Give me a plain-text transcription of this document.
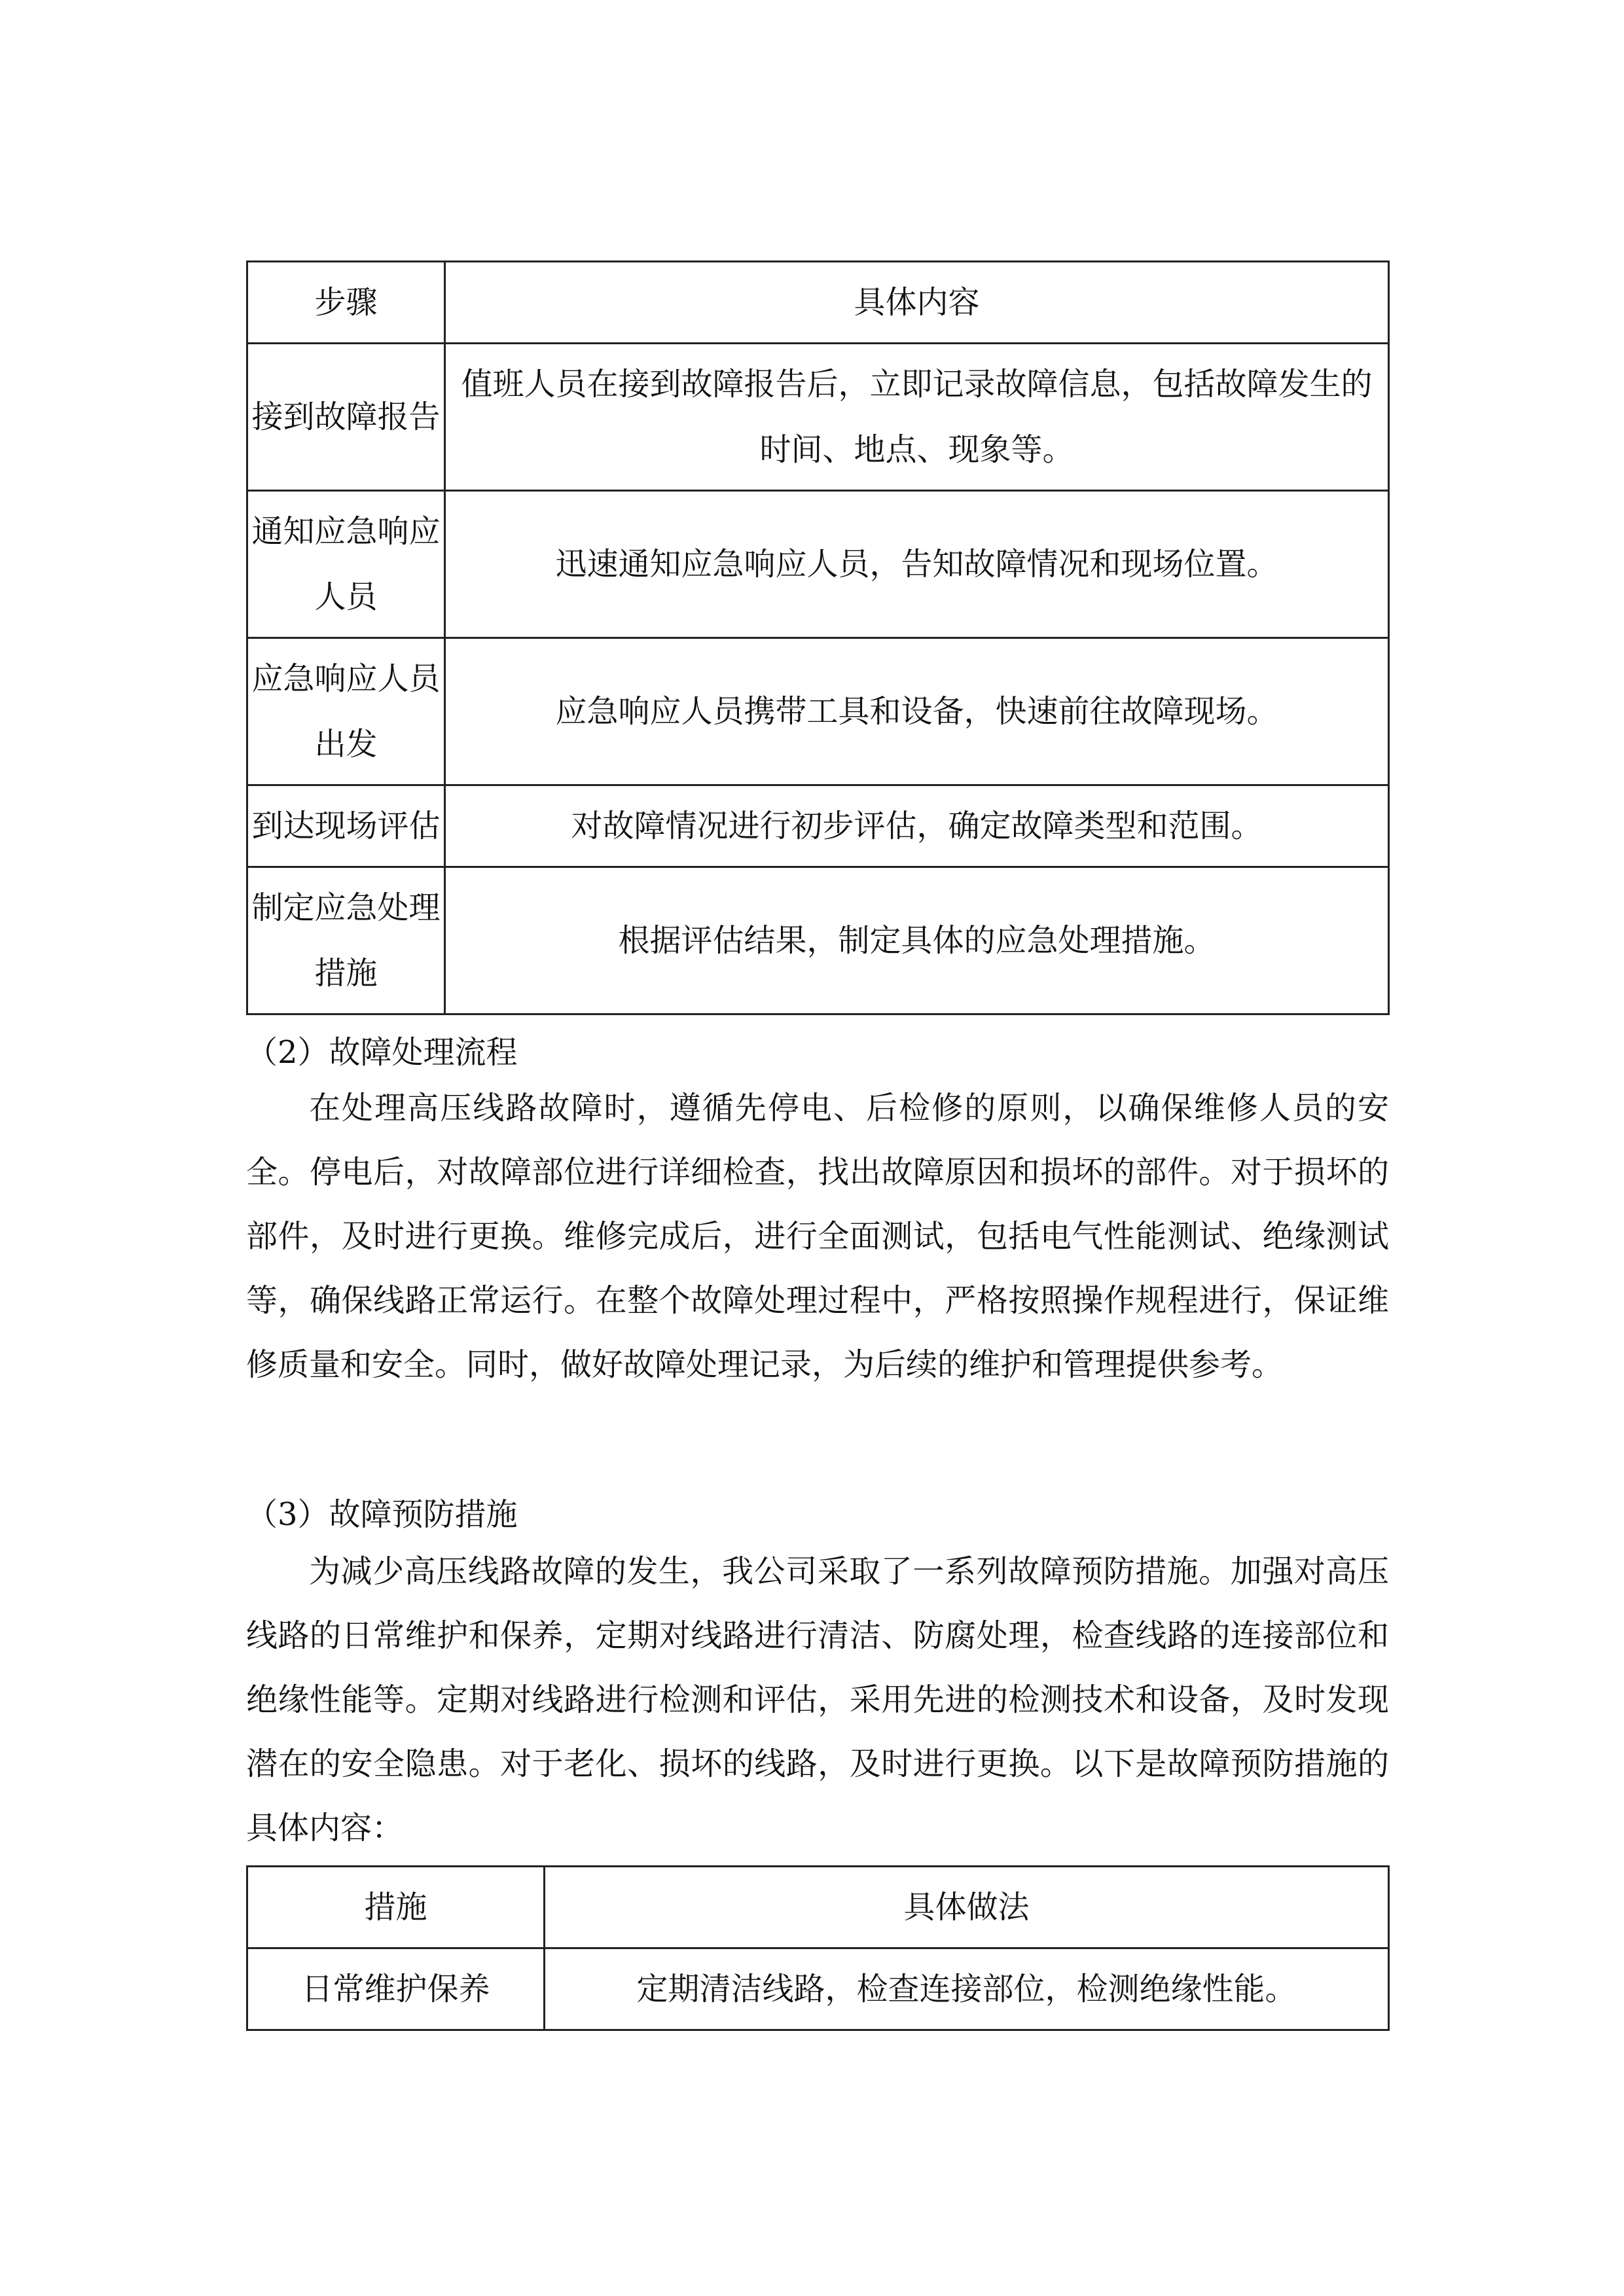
步骤	具体内容
接到故障报告	值班人员在接到故障报告后，立即记录故障信息，包括故障发生的时间、地点、现象等。
通知应急响应人员	迅速通知应急响应人员，告知故障情况和现场位置。
应急响应人员出发	应急响应人员携带工具和设备，快速前往故障现场。
到达现场评估	对故障情况进行初步评估，确定故障类型和范围。
制定应急处理措施	根据评估结果，制定具体的应急处理措施。
（2）故障处理流程

在处理高压线路故障时，遵循先停电、后检修的原则，以确保维修人员的安全。停电后，对故障部位进行详细检查，找出故障原因和损坏的部件。对于损坏的部件，及时进行更换。维修完成后，进行全面测试，包括电气性能测试、绝缘测试等，确保线路正常运行。在整个故障处理过程中，严格按照操作规程进行，保证维修质量和安全。同时，做好故障处理记录，为后续的维护和管理提供参考。

（3）故障预防措施

为减少高压线路故障的发生，我公司采取了一系列故障预防措施。加强对高压线路的日常维护和保养，定期对线路进行清洁、防腐处理，检查线路的连接部位和绝缘性能等。定期对线路进行检测和评估，采用先进的检测技术和设备，及时发现潜在的安全隐患。对于老化、损坏的线路，及时进行更换。以下是故障预防措施的具体内容：

措施	具体做法
日常维护保养	定期清洁线路，检查连接部位，检测绝缘性能。
